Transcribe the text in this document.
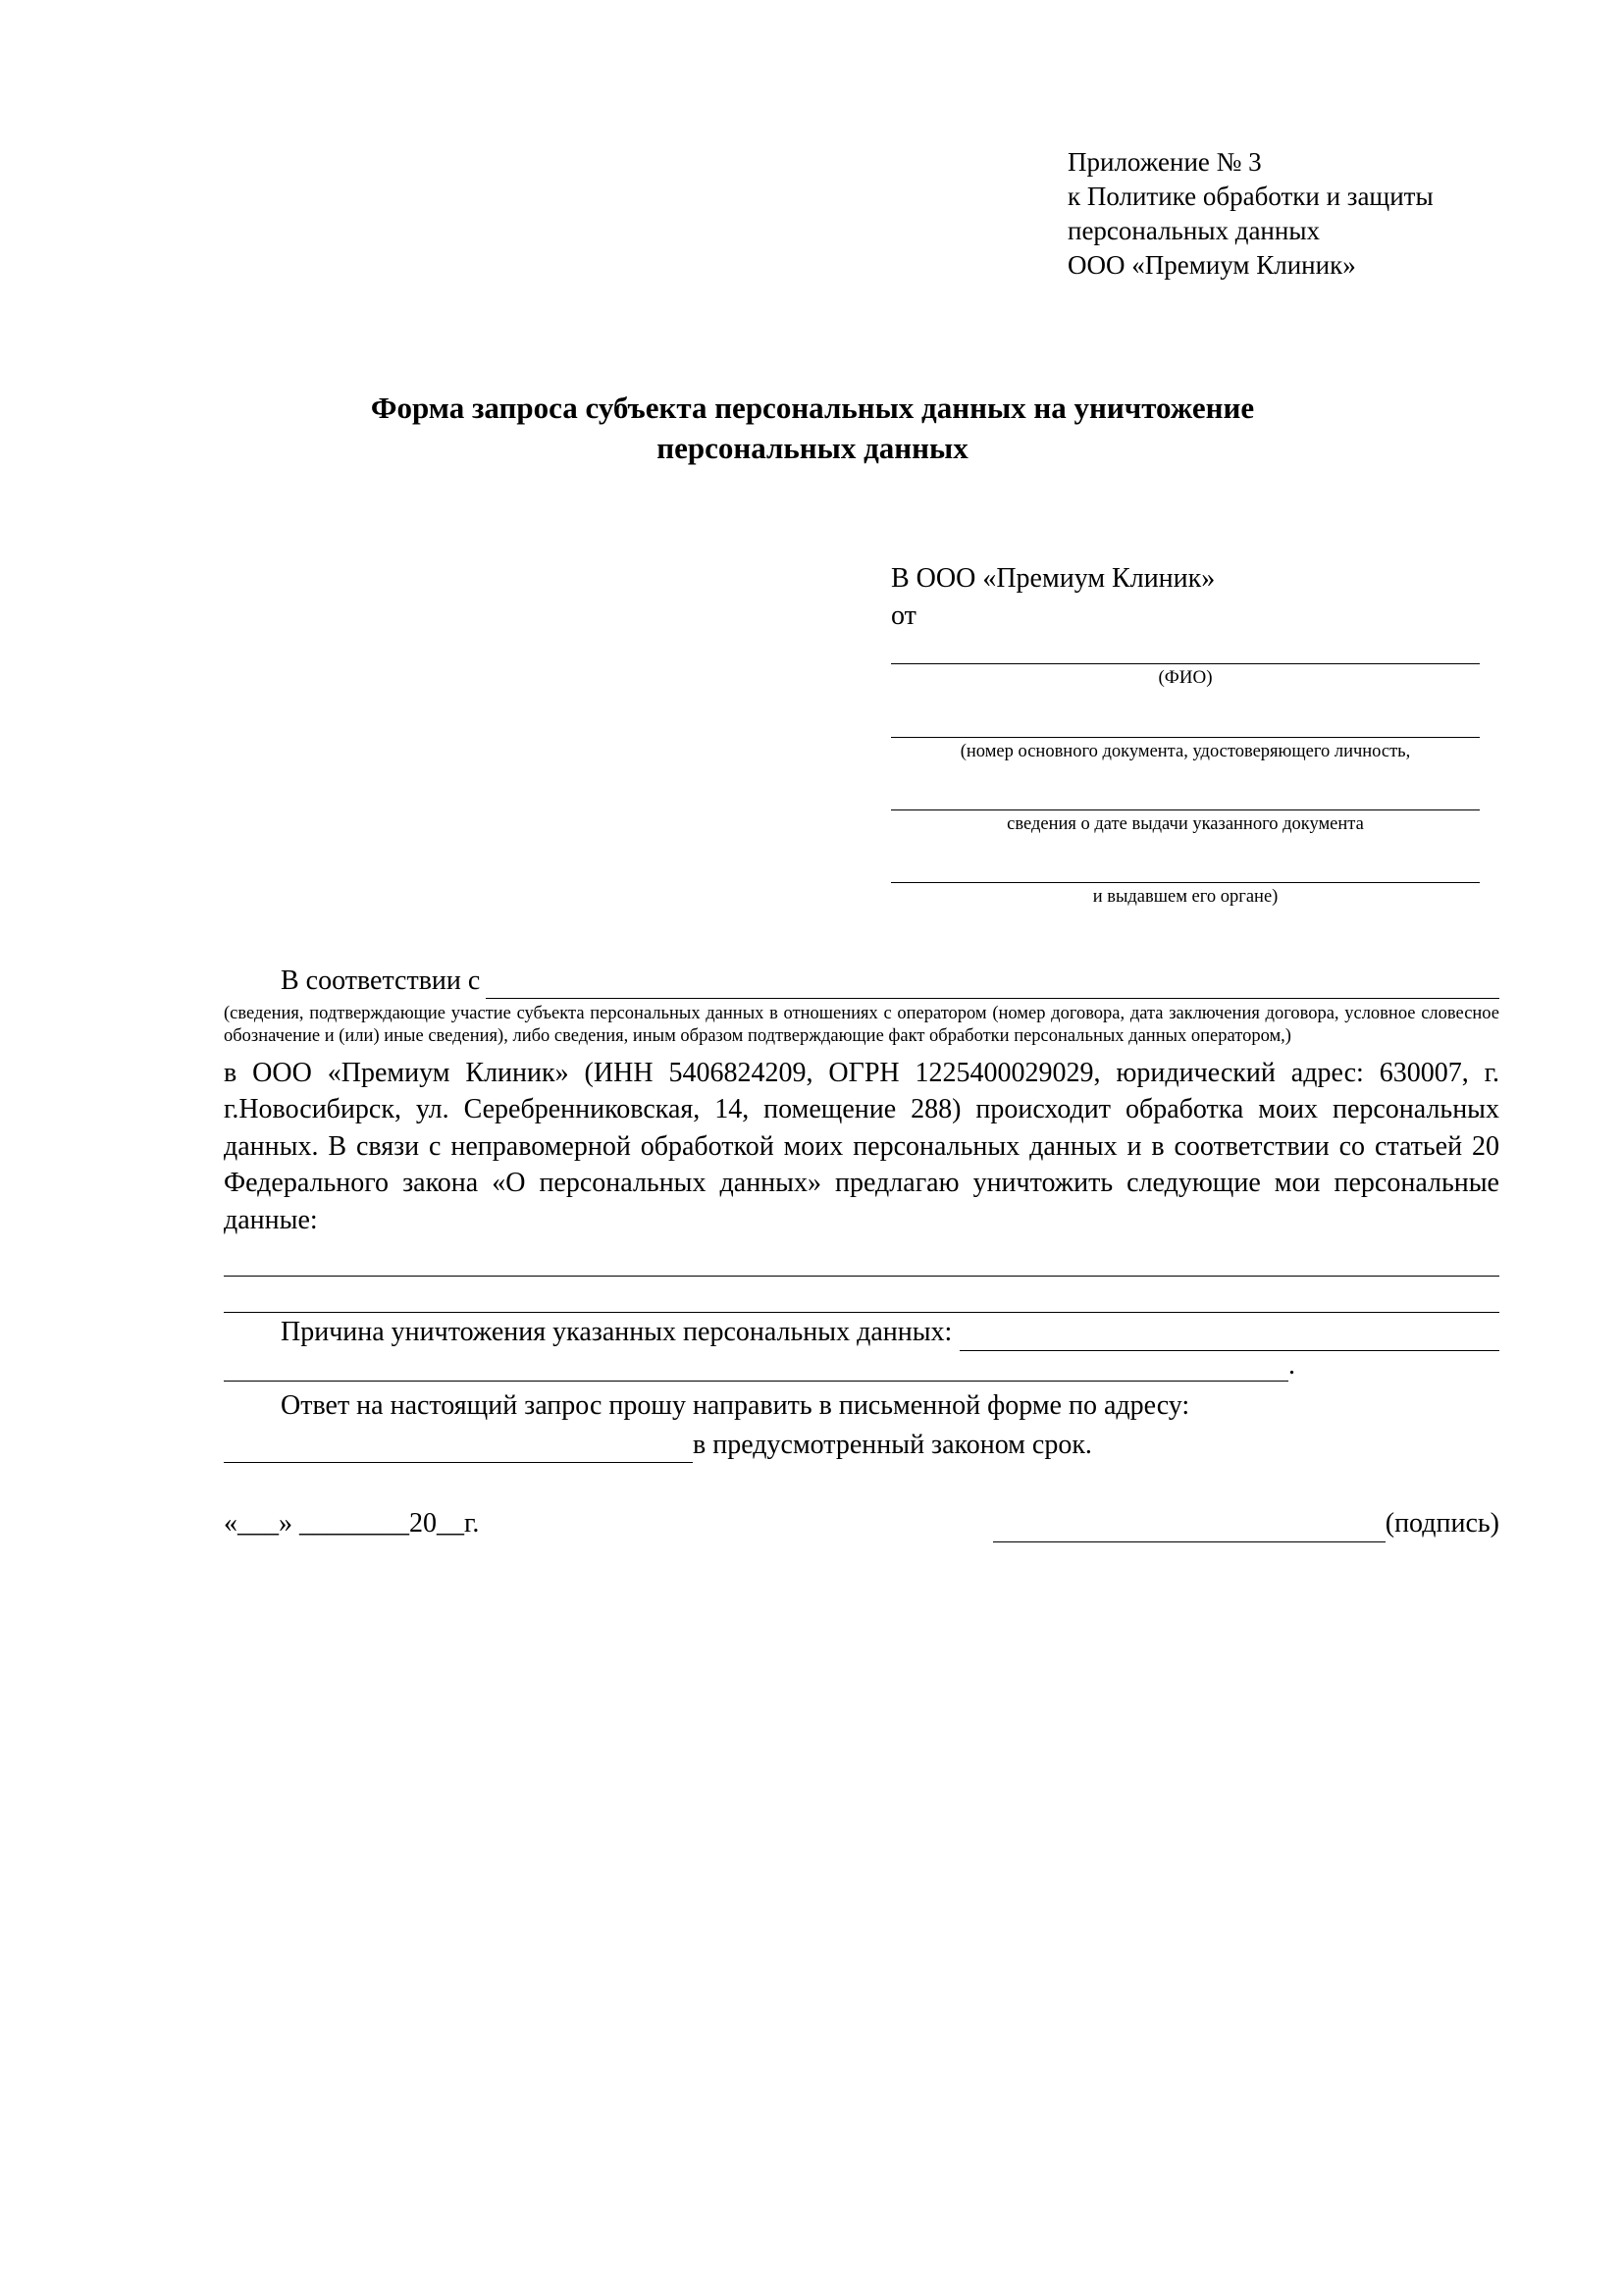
Приложение № 3
к Политике обработки и защиты
персональных данных
ООО «Премиум Клиник»
Форма запроса субъекта персональных данных на уничтожение
персональных данных
В ООО «Премиум Клиник»
от
(ФИО)
(номер основного документа, удостоверяющего личность,
сведения о дате выдачи указанного документа
и выдавшем его органе)
В соответствии с
(сведения, подтверждающие участие субъекта персональных данных в отношениях с оператором (номер договора, дата заключения договора, условное словесное обозначение и (или) иные сведения), либо сведения, иным образом подтверждающие факт обработки персональных данных оператором,)
в ООО «Премиум Клиник» (ИНН 5406824209, ОГРН 1225400029029, юридический адрес: 630007, г. г.Новосибирск, ул. Серебренниковская, 14, помещение 288) происходит обработка моих персональных данных. В связи с неправомерной обработкой моих персональных данных и в соответствии со статьей 20 Федерального закона «О персональных данных» предлагаю уничтожить следующие мои персональные данные:
Причина уничтожения указанных персональных данных:
.
Ответ на настоящий запрос прошу направить в письменной форме по адресу:
в предусмотренный законом срок.
«___» ________20__г.	(подпись)
